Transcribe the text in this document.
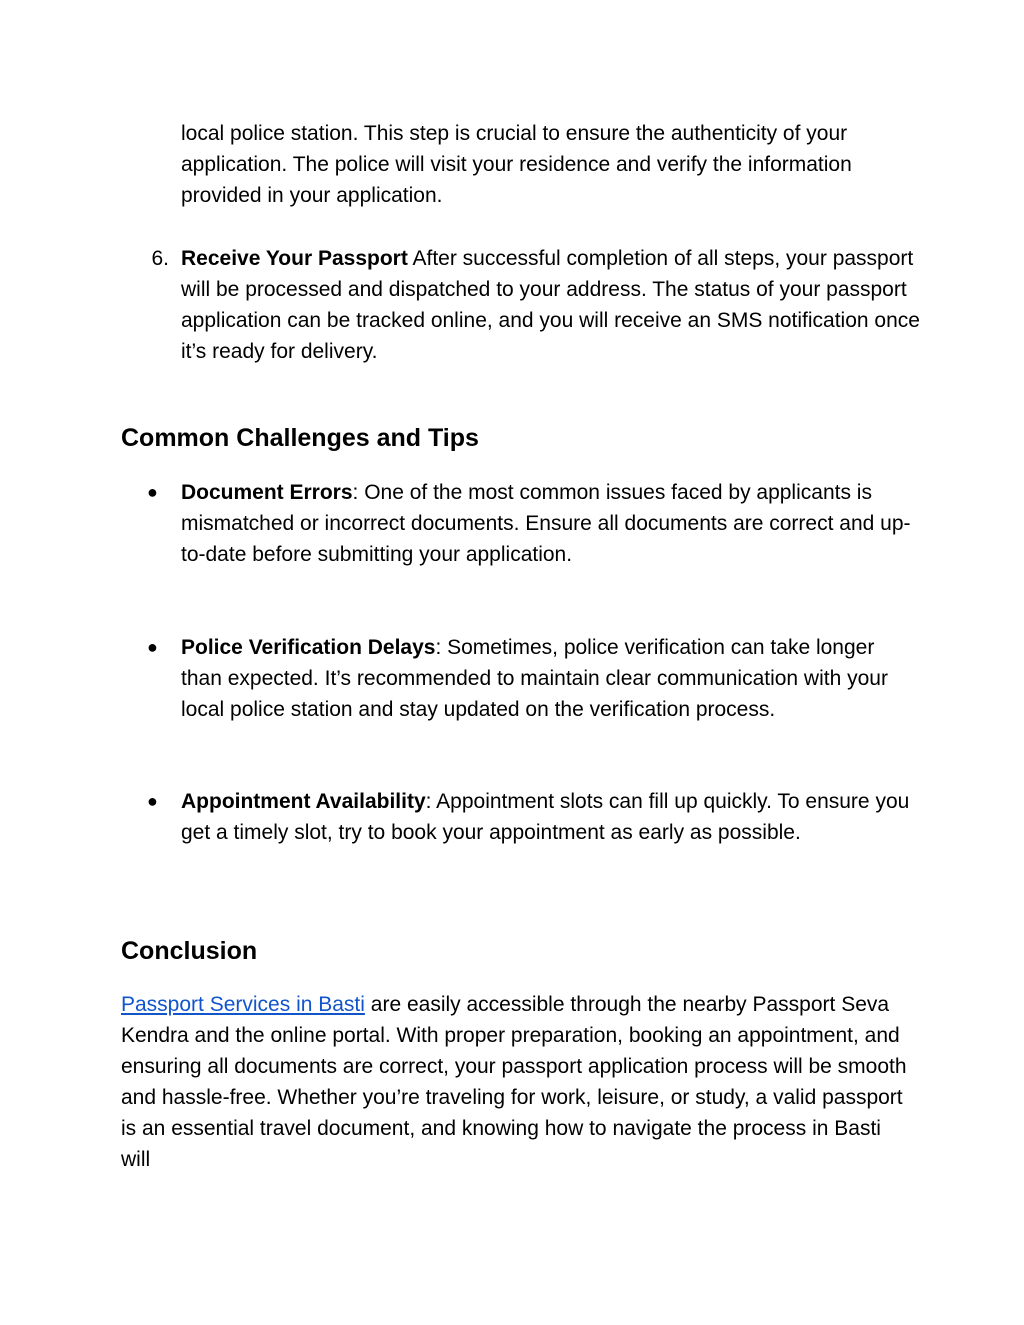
local police station. This step is crucial to ensure the authenticity of your application. The police will visit your residence and verify the information provided in your application.

6. Receive Your Passport After successful completion of all steps, your passport will be processed and dispatched to your address. The status of your passport application can be tracked online, and you will receive an SMS notification once it’s ready for delivery.

Common Challenges and Tips
●	Document Errors: One of the most common issues faced by applicants is mismatched or incorrect documents. Ensure all documents are correct and up-to-date before submitting your application.

●	Police Verification Delays: Sometimes, police verification can take longer than expected. It’s recommended to maintain clear communication with your local police station and stay updated on the verification process.

●	Appointment Availability: Appointment slots can fill up quickly. To ensure you get a timely slot, try to book your appointment as early as possible.

Conclusion

Passport Services in Basti are easily accessible through the nearby Passport Seva Kendra and the online portal. With proper preparation, booking an appointment, and ensuring all documents are correct, your passport application process will be smooth and hassle-free. Whether you’re traveling for work, leisure, or study, a valid passport is an essential travel document, and knowing how to navigate the process in Basti will
